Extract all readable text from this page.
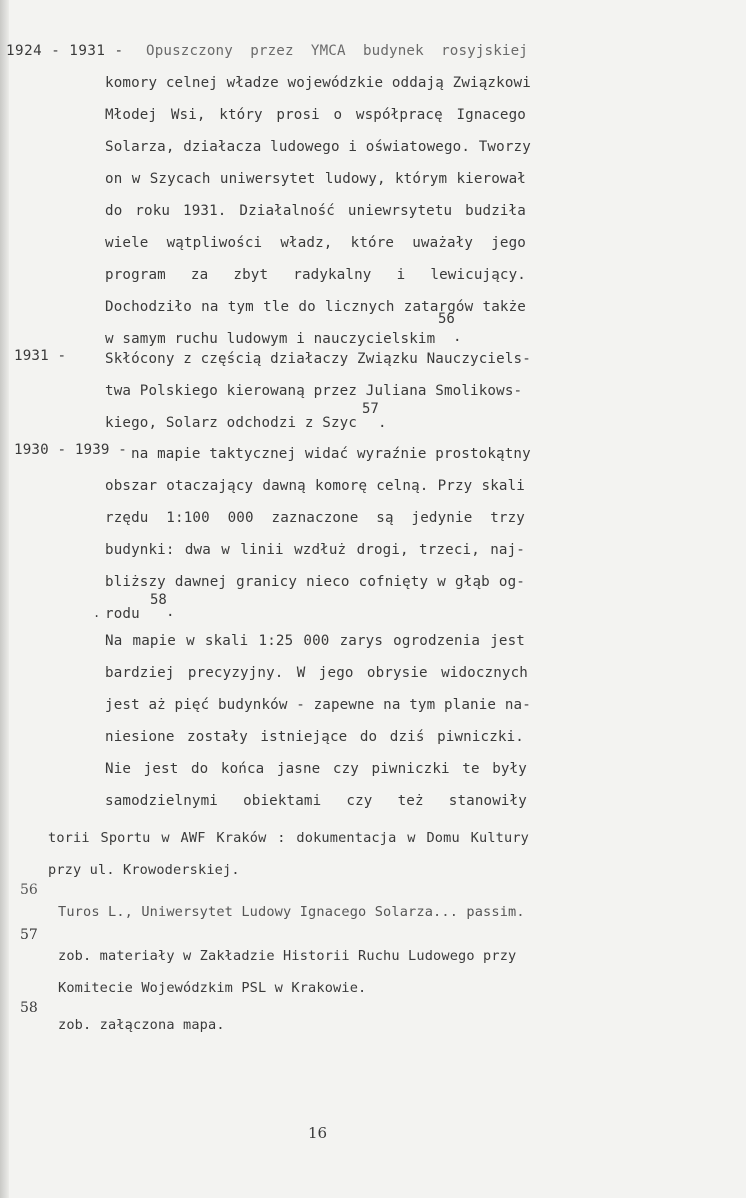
1924 - 1931 - Opuszczony przez YMCA budynek rosyjskiej
komory celnej władze wojewódzkie oddają Związkowi
Młodej Wsi, który prosi o współpracę Ignacego
Solarza, działacza ludowego i oświatowego. Tworzy
on w Szycach uniwersytet ludowy, którym kierował
do roku 1931. Działalność uniewrsytetu budziła
wiele wątpliwości władz, które uważały jego
program za zbyt radykalny i lewicujący.
Dochodziło na tym tle do licznych zatargów także
w samym ruchu ludowym i nauczycielskim
56
.
1931 -	Skłócony z częścią działaczy Związku Nauczyciels-
twa Polskiego kierowaną przez Juliana Smolikows-
kiego, Solarz odchodzi z Szyc
57
.
1930 - 1939 - na mapie taktycznej widać wyraźnie prostokątny
obszar otaczający dawną komorę celną. Przy skali
rzędu 1:100 000 zaznaczone są jedynie trzy
budynki: dwa w linii wzdłuż drogi, trzeci, naj-
bliższy dawnej granicy nieco cofnięty w głąb og-
rodu
58
.
.
Na mapie w skali 1:25 000 zarys ogrodzenia jest
bardziej precyzyjny. W jego obrysie widocznych
jest aż pięć budynków - zapewne na tym planie na-
niesione zostały istniejące do dziś piwniczki.
Nie jest do końca jasne czy piwniczki te były
samodzielnymi obiektami czy też stanowiły
torii Sportu w AWF Kraków : dokumentacja w Domu Kultury
przy ul. Krowoderskiej.
56
Turos L., Uniwersytet Ludowy Ignacego Solarza... passim.
57
zob. materiały w Zakładzie Historii Ruchu Ludowego przy
Komitecie Wojewódzkim PSL w Krakowie.
58
zob. załączona mapa.
16
